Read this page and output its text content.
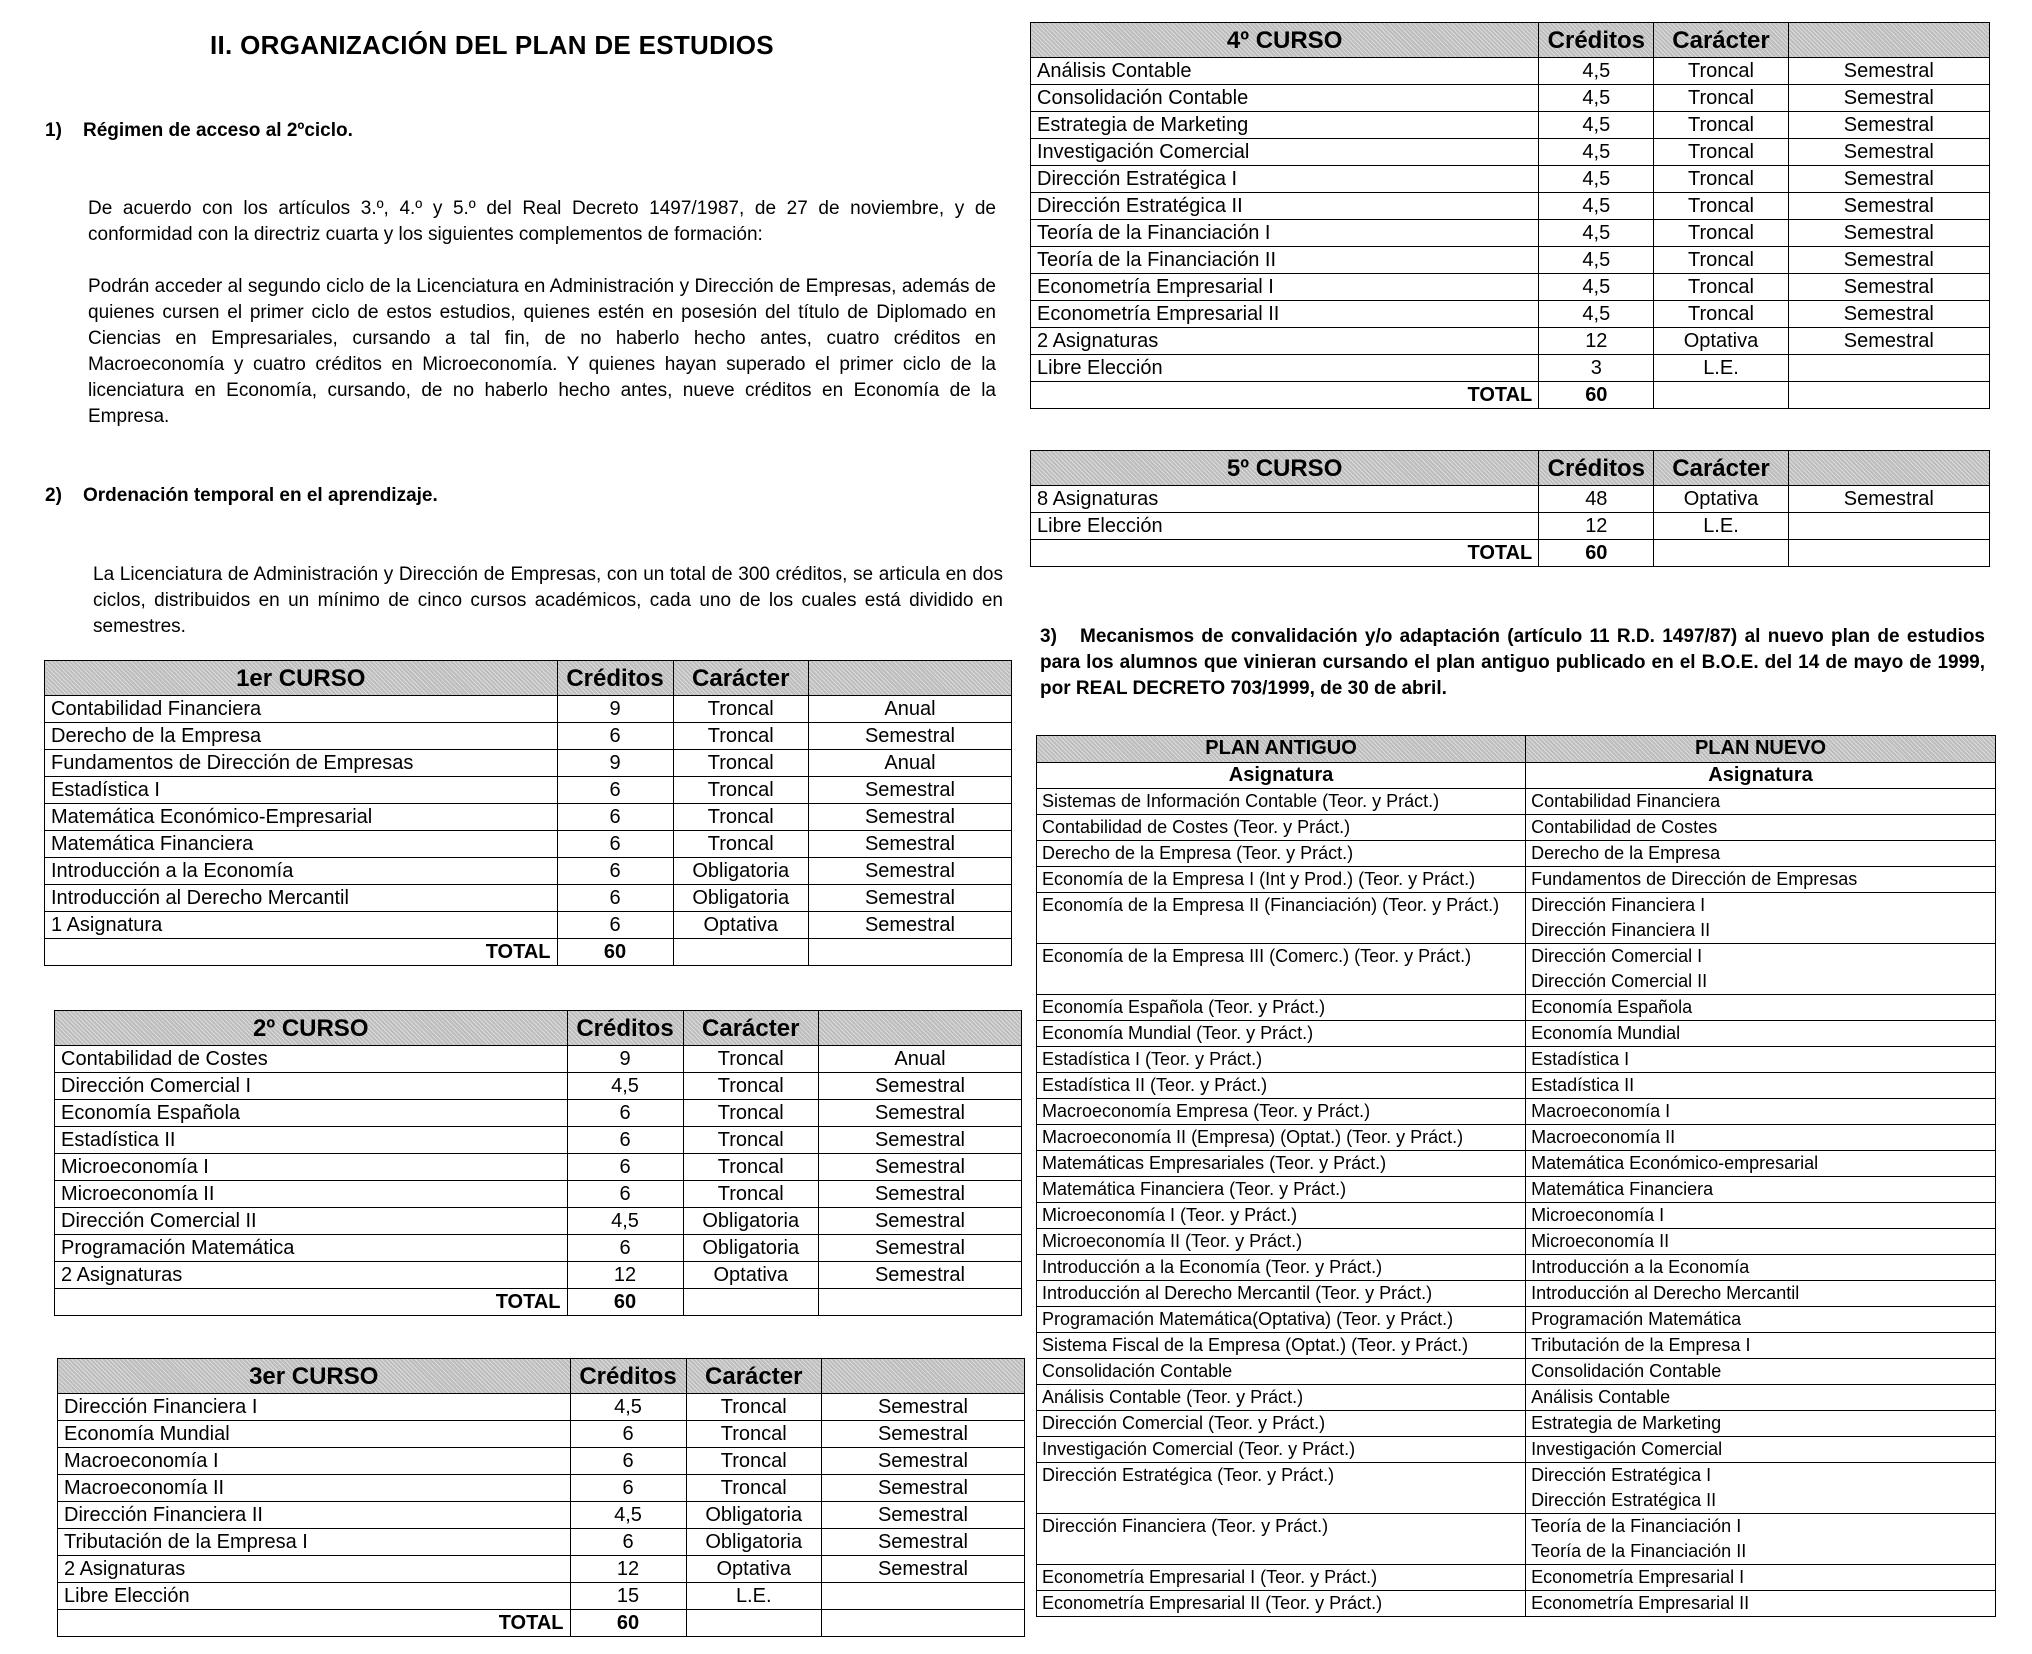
II. ORGANIZACIÓN DEL PLAN DE ESTUDIOS
1) Régimen de acceso al 2ºciclo.
De acuerdo con los artículos 3.º, 4.º y 5.º del Real Decreto 1497/1987, de 27 de noviembre, y de conformidad con la directriz cuarta y los siguientes complementos de formación:
Podrán acceder al segundo ciclo de la Licenciatura en Administración y Dirección de Empresas, además de quienes cursen el primer ciclo de estos estudios, quienes estén en posesión del título de Diplomado en Ciencias en Empresariales, cursando a tal fin, de no haberlo hecho antes, cuatro créditos en Macroeconomía y cuatro créditos en Microeconomía. Y quienes hayan superado el primer ciclo de la licenciatura en Economía, cursando, de no haberlo hecho antes, nueve créditos en Economía de la Empresa.
2) Ordenación temporal en el aprendizaje.
La Licenciatura de Administración y Dirección de Empresas, con un total de 300 créditos, se articula en dos ciclos, distribuidos en un mínimo de cinco cursos académicos, cada uno de los cuales está dividido en semestres.
1er CURSO	Créditos	Carácter	
Contabilidad Financiera	9	Troncal	Anual
Derecho de la Empresa	6	Troncal	Semestral
Fundamentos de Dirección de Empresas	9	Troncal	Anual
Estadística I	6	Troncal	Semestral
Matemática Económico-Empresarial	6	Troncal	Semestral
Matemática Financiera	6	Troncal	Semestral
Introducción a la Economía	6	Obligatoria	Semestral
Introducción al Derecho Mercantil	6	Obligatoria	Semestral
1 Asignatura	6	Optativa	Semestral
TOTAL	60		
2º CURSO	Créditos	Carácter	
Contabilidad de Costes	9	Troncal	Anual
Dirección Comercial I	4,5	Troncal	Semestral
Economía Española	6	Troncal	Semestral
Estadística II	6	Troncal	Semestral
Microeconomía I	6	Troncal	Semestral
Microeconomía II	6	Troncal	Semestral
Dirección Comercial II	4,5	Obligatoria	Semestral
Programación Matemática	6	Obligatoria	Semestral
2 Asignaturas	12	Optativa	Semestral
TOTAL	60		
3er CURSO	Créditos	Carácter	
Dirección Financiera I	4,5	Troncal	Semestral
Economía Mundial	6	Troncal	Semestral
Macroeconomía I	6	Troncal	Semestral
Macroeconomía II	6	Troncal	Semestral
Dirección Financiera II	4,5	Obligatoria	Semestral
Tributación de la Empresa I	6	Obligatoria	Semestral
2 Asignaturas	12	Optativa	Semestral
Libre Elección	15	L.E.	
TOTAL	60		
4º CURSO	Créditos	Carácter	
Análisis Contable	4,5	Troncal	Semestral
Consolidación Contable	4,5	Troncal	Semestral
Estrategia de Marketing	4,5	Troncal	Semestral
Investigación Comercial	4,5	Troncal	Semestral
Dirección Estratégica I	4,5	Troncal	Semestral
Dirección Estratégica II	4,5	Troncal	Semestral
Teoría de la Financiación I	4,5	Troncal	Semestral
Teoría de la Financiación II	4,5	Troncal	Semestral
Econometría Empresarial I	4,5	Troncal	Semestral
Econometría Empresarial II	4,5	Troncal	Semestral
2 Asignaturas	12	Optativa	Semestral
Libre Elección	3	L.E.	
TOTAL	60		
5º CURSO	Créditos	Carácter	
8 Asignaturas	48	Optativa	Semestral
Libre Elección	12	L.E.	
TOTAL	60		
3) Mecanismos de convalidación y/o adaptación (artículo 11 R.D. 1497/87) al nuevo plan de estudios para los alumnos que vinieran cursando el plan antiguo publicado en el B.O.E. del 14 de mayo de 1999, por REAL DECRETO 703/1999, de 30 de abril.
PLAN ANTIGUO	PLAN NUEVO
Asignatura	Asignatura
Sistemas de Información Contable (Teor. y Práct.)	Contabilidad Financiera
Contabilidad de Costes (Teor. y Práct.)	Contabilidad de Costes
Derecho de la Empresa (Teor. y Práct.)	Derecho de la Empresa
Economía de la Empresa I (Int y Prod.) (Teor. y Práct.)	Fundamentos de Dirección de Empresas
Economía de la Empresa II (Financiación) (Teor. y Práct.)	Dirección Financiera I
Dirección Financiera II
Economía de la Empresa III (Comerc.) (Teor. y Práct.)	Dirección Comercial I
Dirección Comercial II
Economía Española (Teor. y Práct.)	Economía Española
Economía Mundial (Teor. y Práct.)	Economía Mundial
Estadística I (Teor. y Práct.)	Estadística I
Estadística II (Teor. y Práct.)	Estadística II
Macroeconomía Empresa (Teor. y Práct.)	Macroeconomía I
Macroeconomía II (Empresa) (Optat.) (Teor. y Práct.)	Macroeconomía II
Matemáticas Empresariales (Teor. y Práct.)	Matemática Económico-empresarial
Matemática Financiera (Teor. y Práct.)	Matemática Financiera
Microeconomía I (Teor. y Práct.)	Microeconomía I
Microeconomía II (Teor. y Práct.)	Microeconomía II
Introducción a la Economía (Teor. y Práct.)	Introducción a la Economía
Introducción al Derecho Mercantil (Teor. y Práct.)	Introducción al Derecho Mercantil
Programación Matemática(Optativa) (Teor. y Práct.)	Programación Matemática
Sistema Fiscal de la Empresa (Optat.) (Teor. y Práct.)	Tributación de la Empresa I
Consolidación Contable	Consolidación Contable
Análisis Contable (Teor. y Práct.)	Análisis Contable
Dirección Comercial (Teor. y Práct.)	Estrategia de Marketing
Investigación Comercial (Teor. y Práct.)	Investigación Comercial
Dirección Estratégica (Teor. y Práct.)	Dirección Estratégica I
Dirección Estratégica II
Dirección Financiera (Teor. y Práct.)	Teoría de la Financiación I
Teoría de la Financiación II
Econometría Empresarial I (Teor. y Práct.)	Econometría Empresarial I
Econometría Empresarial II (Teor. y Práct.)	Econometría Empresarial II
